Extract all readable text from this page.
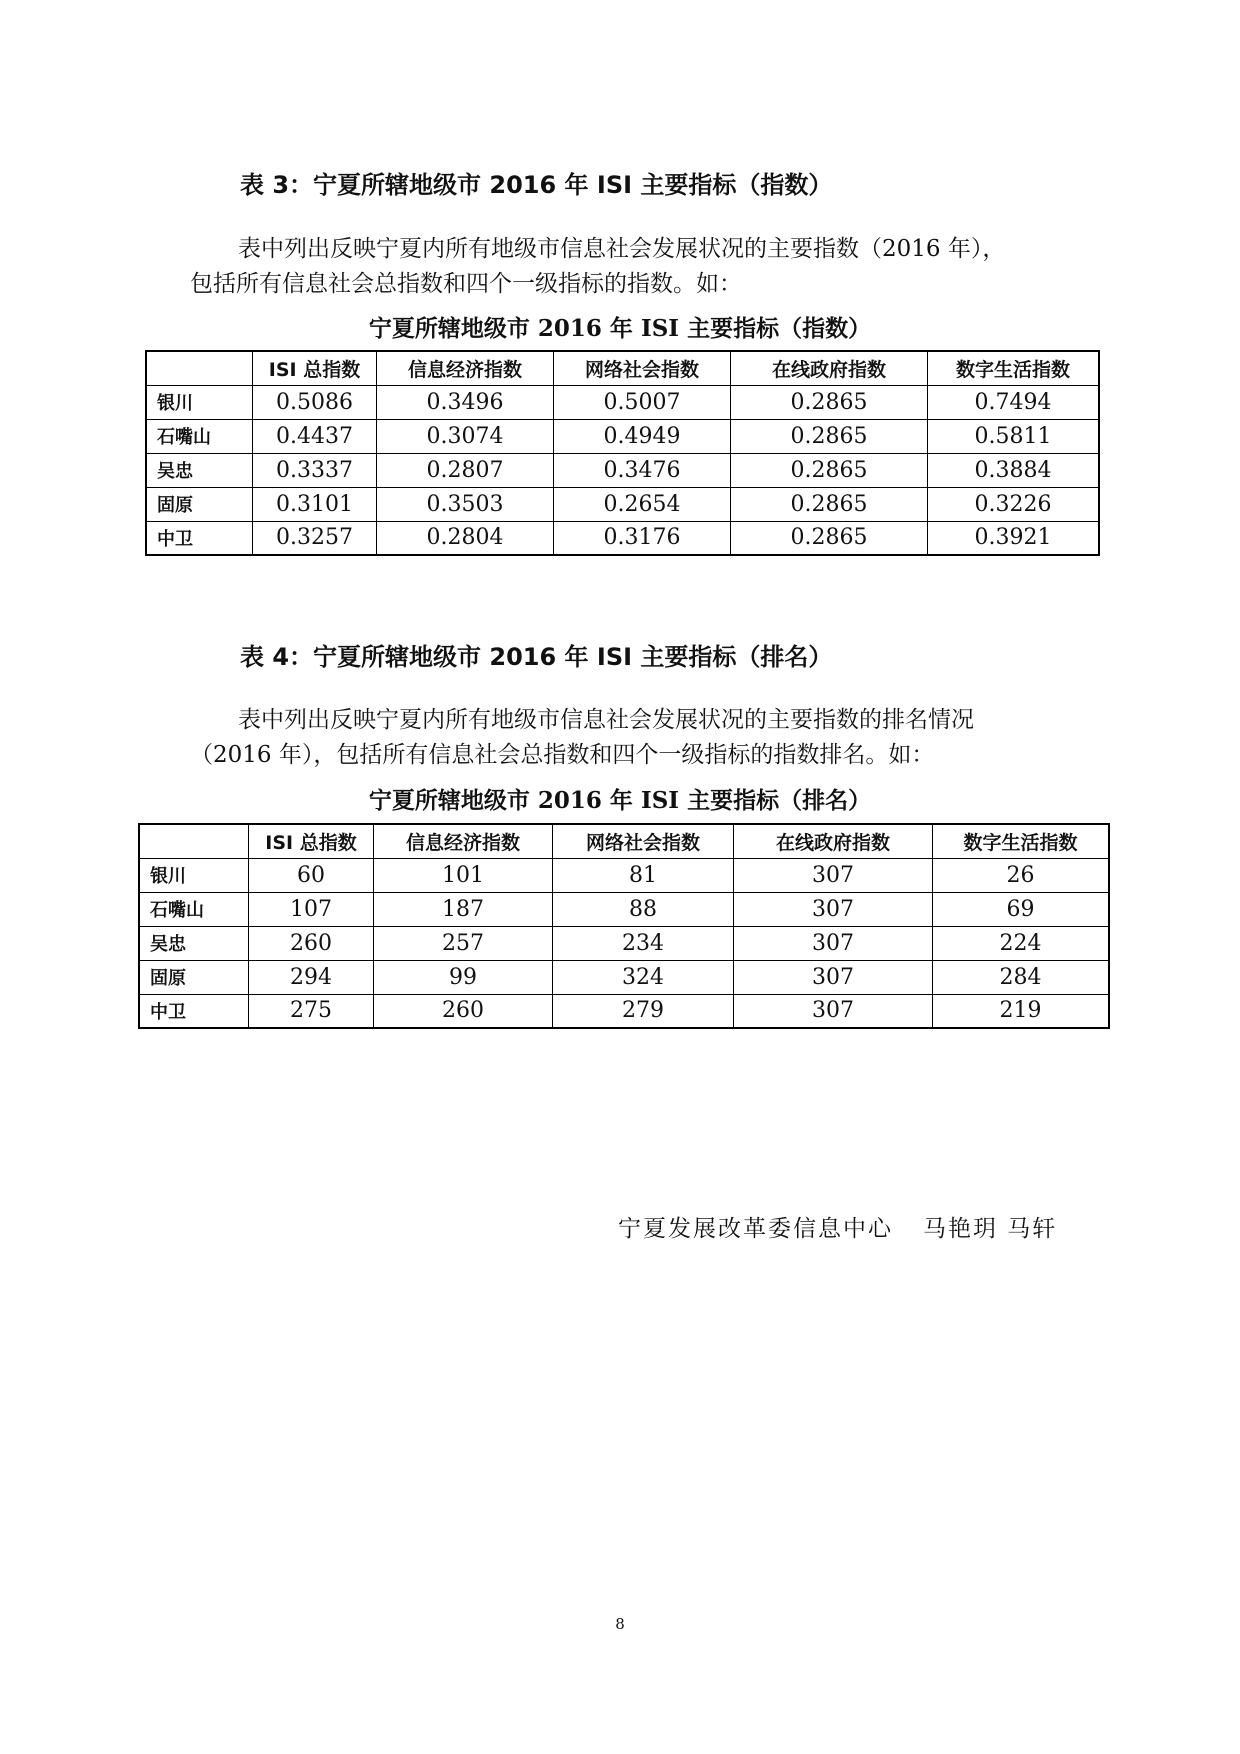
表 3：宁夏所辖地级市 2016 年 ISI 主要指标（指数）
表中列出反映宁夏内所有地级市信息社会发展状况的主要指数（2016 年），
包括所有信息社会总指数和四个一级指标的指数。如：
宁夏所辖地级市 2016 年 ISI 主要指标（指数）
	ISI 总指数	信息经济指数	网络社会指数	在线政府指数	数字生活指数
银川	0.5086	0.3496	0.5007	0.2865	0.7494
石嘴山	0.4437	0.3074	0.4949	0.2865	0.5811
吴忠	0.3337	0.2807	0.3476	0.2865	0.3884
固原	0.3101	0.3503	0.2654	0.2865	0.3226
中卫	0.3257	0.2804	0.3176	0.2865	0.3921
表 4：宁夏所辖地级市 2016 年 ISI 主要指标（排名）
表中列出反映宁夏内所有地级市信息社会发展状况的主要指数的排名情况
（2016 年），包括所有信息社会总指数和四个一级指标的指数排名。如：
宁夏所辖地级市 2016 年 ISI 主要指标（排名）
	ISI 总指数	信息经济指数	网络社会指数	在线政府指数	数字生活指数
银川	60	101	81	307	26
石嘴山	107	187	88	307	69
吴忠	260	257	234	307	224
固原	294	99	324	307	284
中卫	275	260	279	307	219
宁夏发展改革委信息中心 马艳玥 马轩
8
